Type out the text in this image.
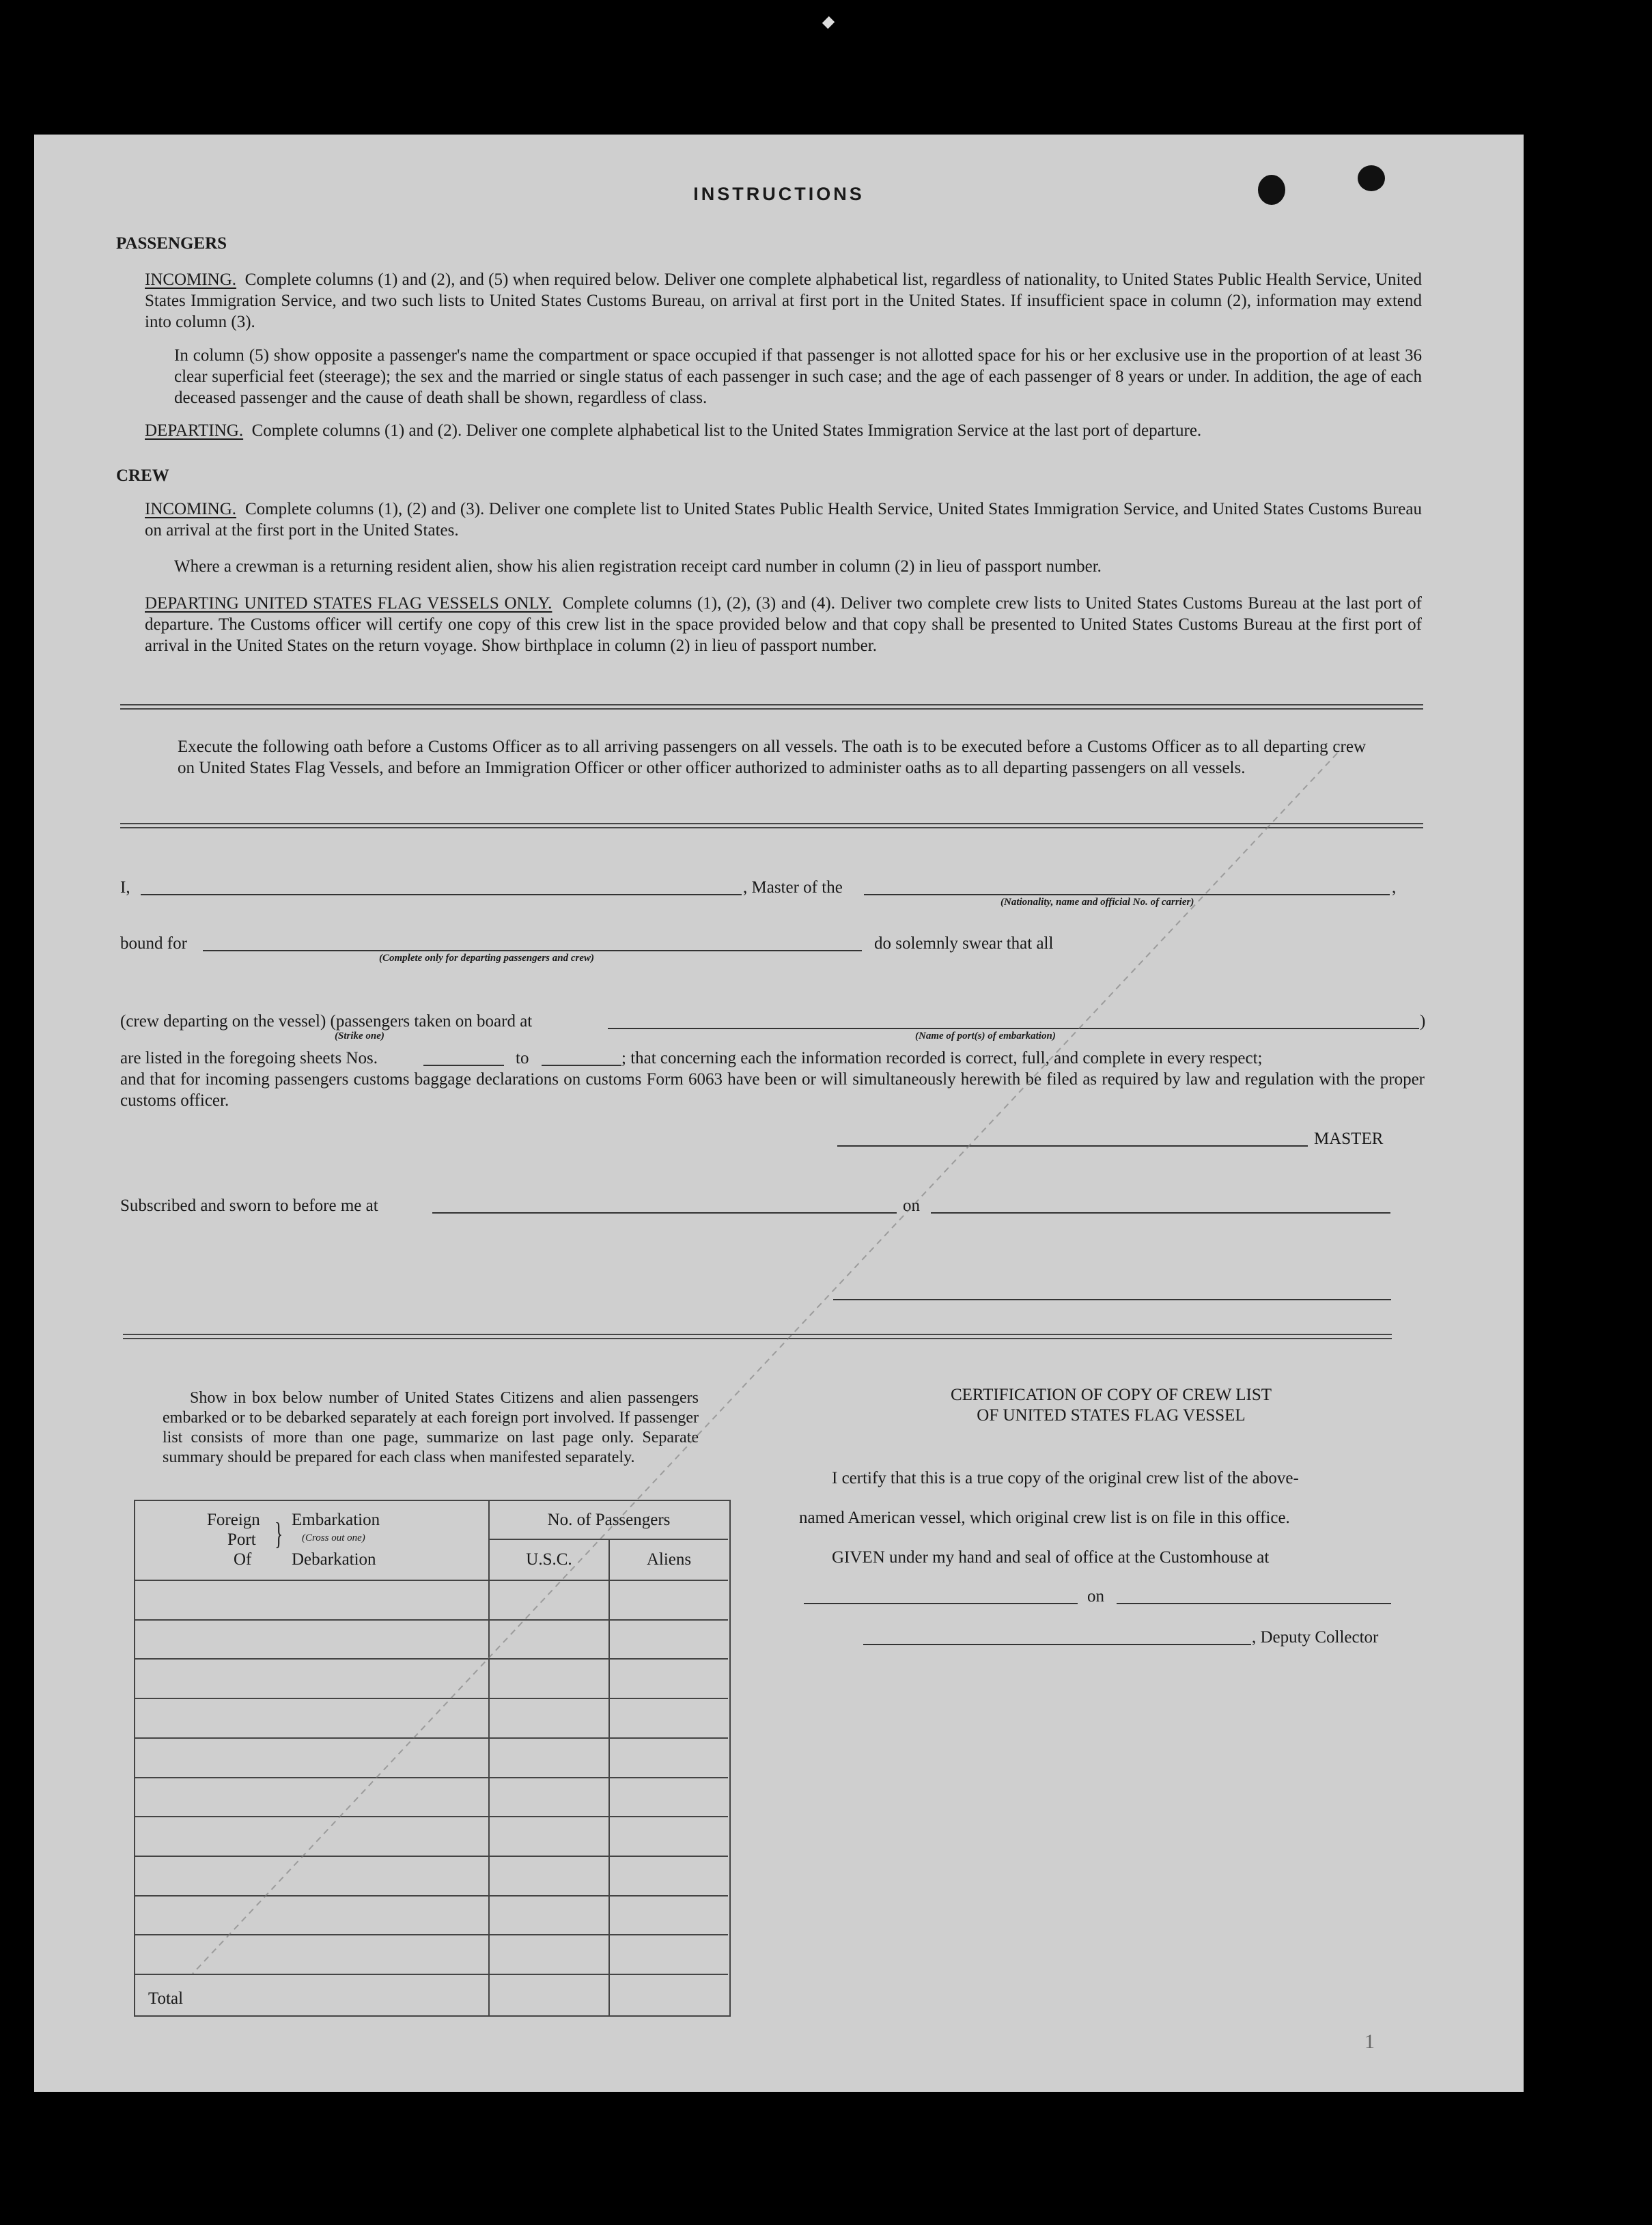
INSTRUCTIONS
PASSENGERS
INCOMING. Complete columns (1) and (2), and (5) when required below. Deliver one complete alphabetical list, regardless of nationality, to United States Public Health Service, United States Immigration Service, and two such lists to United States Customs Bureau, on arrival at first port in the United States. If insufficient space in column (2), information may extend into column (3).
In column (5) show opposite a passenger's name the compartment or space occupied if that passenger is not allotted space for his or her exclusive use in the proportion of at least 36 clear superficial feet (steerage); the sex and the married or single status of each passenger in such case; and the age of each passenger of 8 years or under. In addition, the age of each deceased passenger and the cause of death shall be shown, regardless of class.
DEPARTING. Complete columns (1) and (2). Deliver one complete alphabetical list to the United States Immigration Service at the last port of departure.
CREW
INCOMING. Complete columns (1), (2) and (3). Deliver one complete list to United States Public Health Service, United States Immigration Service, and United States Customs Bureau on arrival at the first port in the United States.
Where a crewman is a returning resident alien, show his alien registration receipt card number in column (2) in lieu of passport number.
DEPARTING UNITED STATES FLAG VESSELS ONLY. Complete columns (1), (2), (3) and (4). Deliver two complete crew lists to United States Customs Bureau at the last port of departure. The Customs officer will certify one copy of this crew list in the space provided below and that copy shall be presented to United States Customs Bureau at the first port of arrival in the United States on the return voyage. Show birthplace in column (2) in lieu of passport number.
Execute the following oath before a Customs Officer as to all arriving passengers on all vessels. The oath is to be executed before a Customs Officer as to all departing crew on United States Flag Vessels, and before an Immigration Officer or other officer authorized to administer oaths as to all departing passengers on all vessels.
I,	, Master of the	,
(Nationality, name and official No. of carrier)
bound for	do solemnly swear that all
(Complete only for departing passengers and crew)
(crew departing on the vessel) (passengers taken on board at	)
(Strike one)	(Name of port(s) of embarkation)
are listed in the foregoing sheets Nos.	to	; that concerning each the information recorded is correct, full, and complete in every respect;
and that for incoming passengers customs baggage declarations on customs Form 6063 have been or will simultaneously herewith be filed as required by law and regulation with the proper customs officer.
MASTER
Subscribed and sworn to before me at	on
Show in box below number of United States Citizens and alien passengers embarked or to be debarked separately at each foreign port involved. If passenger list consists of more than one page, summarize on last page only. Separate summary should be prepared for each class when manifested separately.
Foreign
Port
Of
} Embarkation
(Cross out one)
Debarkation
No. of Passengers
U.S.C.	Aliens
Total
CERTIFICATION OF COPY OF CREW LIST
OF UNITED STATES FLAG VESSEL
I certify that this is a true copy of the original crew list of the above-
named American vessel, which original crew list is on file in this office.
GIVEN under my hand and seal of office at the Customhouse at
on
, Deputy Collector
1
